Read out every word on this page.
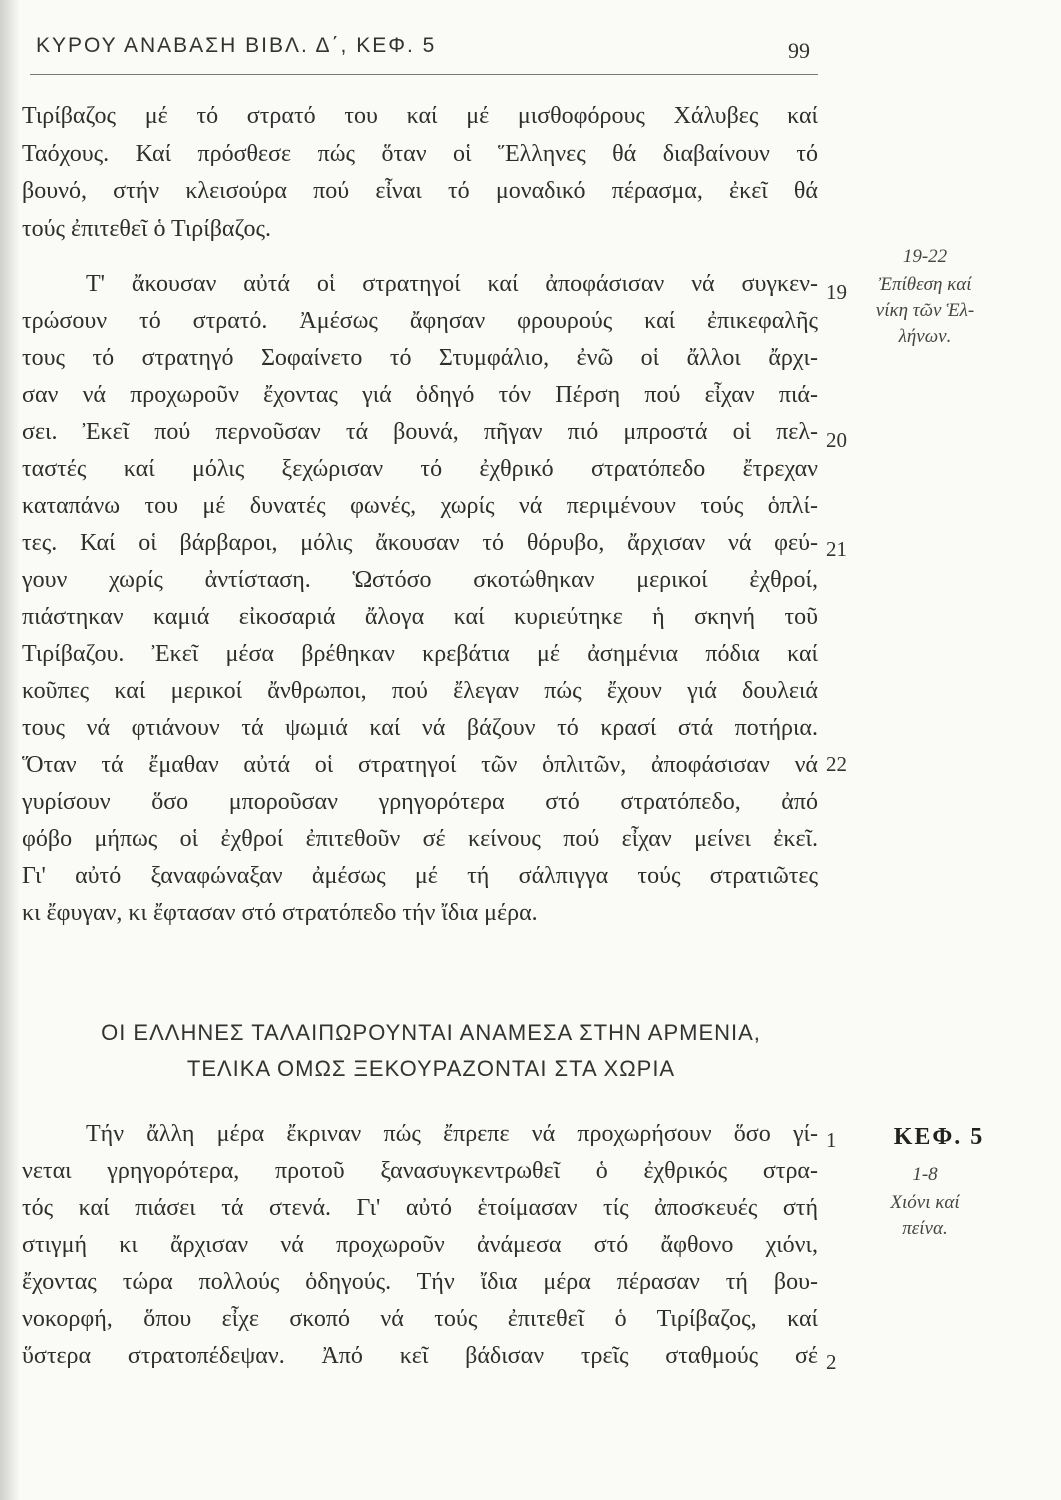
ΚΥΡΟΥ ΑΝΑΒΑΣΗ ΒΙΒΛ. Δ΄, ΚΕΦ. 5	99
Τιρίβαζος μέ τό στρατό του καί μέ μισθοφόρους Χάλυβες καί
Ταόχους. Καί πρόσθεσε πώς ὅταν οἱ Ἕλληνες θά διαβαίνουν τό
βουνό, στήν κλεισούρα πού εἶναι τό μοναδικό πέρασμα, ἐκεῖ θά
τούς ἐπιτεθεῖ ὁ Τιρίβαζος.
Τ' ἄκουσαν αὐτά οἱ στρατηγοί καί ἀποφάσισαν νά συγκεν-
τρώσουν τό στρατό. Ἀμέσως ἄφησαν φρουρούς καί ἐπικεφαλῆς
τους τό στρατηγό Σοφαίνετο τό Στυμφάλιο, ἐνῶ οἱ ἄλλοι ἄρχι-
σαν νά προχωροῦν ἔχοντας γιά ὁδηγό τόν Πέρση πού εἶχαν πιά-
σει. Ἐκεῖ πού περνοῦσαν τά βουνά, πῆγαν πιό μπροστά οἱ πελ-
ταστές καί μόλις ξεχώρισαν τό ἐχθρικό στρατόπεδο ἔτρεχαν
καταπάνω του μέ δυνατές φωνές, χωρίς νά περιμένουν τούς ὁπλί-
τες. Καί οἱ βάρβαροι, μόλις ἄκουσαν τό θόρυβο, ἄρχισαν νά φεύ-
γουν χωρίς ἀντίσταση. Ὡστόσο σκοτώθηκαν μερικοί ἐχθροί,
πιάστηκαν καμιά εἰκοσαριά ἄλογα καί κυριεύτηκε ἡ σκηνή τοῦ
Τιρίβαζου. Ἐκεῖ μέσα βρέθηκαν κρεβάτια μέ ἀσημένια πόδια καί
κοῦπες καί μερικοί ἄνθρωποι, πού ἔλεγαν πώς ἔχουν γιά δουλειά
τους νά φτιάνουν τά ψωμιά καί νά βάζουν τό κρασί στά ποτήρια.
Ὅταν τά ἔμαθαν αὐτά οἱ στρατηγοί τῶν ὁπλιτῶν, ἀποφάσισαν νά
γυρίσουν ὅσο μποροῦσαν γρηγορότερα στό στρατόπεδο, ἀπό
φόβο μήπως οἱ ἐχθροί ἐπιτεθοῦν σέ κείνους πού εἶχαν μείνει ἐκεῖ.
Γι' αὐτό ξαναφώναξαν ἀμέσως μέ τή σάλπιγγα τούς στρατιῶτες
κι ἔφυγαν, κι ἔφτασαν στό στρατόπεδο τήν ἴδια μέρα.
19
20
21
22
19-22
Ἐπίθεση καί
νίκη τῶν Ἑλ-
λήνων.
ΟΙ ΕΛΛΗΝΕΣ ΤΑΛΑΙΠΩΡΟΥΝΤΑΙ ΑΝΑΜΕΣΑ ΣΤΗΝ ΑΡΜΕΝΙΑ,
ΤΕΛΙΚΑ ΟΜΩΣ ΞΕΚΟΥΡΑΖΟΝΤΑΙ ΣΤΑ ΧΩΡΙΑ
Τήν ἄλλη μέρα ἔκριναν πώς ἔπρεπε νά προχωρήσουν ὅσο γί-
νεται γρηγορότερα, προτοῦ ξανασυγκεντρωθεῖ ὁ ἐχθρικός στρα-
τός καί πιάσει τά στενά. Γι' αὐτό ἑτοίμασαν τίς ἀποσκευές στή
στιγμή κι ἄρχισαν νά προχωροῦν ἀνάμεσα στό ἄφθονο χιόνι,
ἔχοντας τώρα πολλούς ὁδηγούς. Τήν ἴδια μέρα πέρασαν τή βου-
νοκορφή, ὅπου εἶχε σκοπό νά τούς ἐπιτεθεῖ ὁ Τιρίβαζος, καί
ὕστερα στρατοπέδεψαν. Ἀπό κεῖ βάδισαν τρεῖς σταθμούς σέ
1
2
ΚΕΦ. 5
1-8
Χιόνι καί
πείνα.
